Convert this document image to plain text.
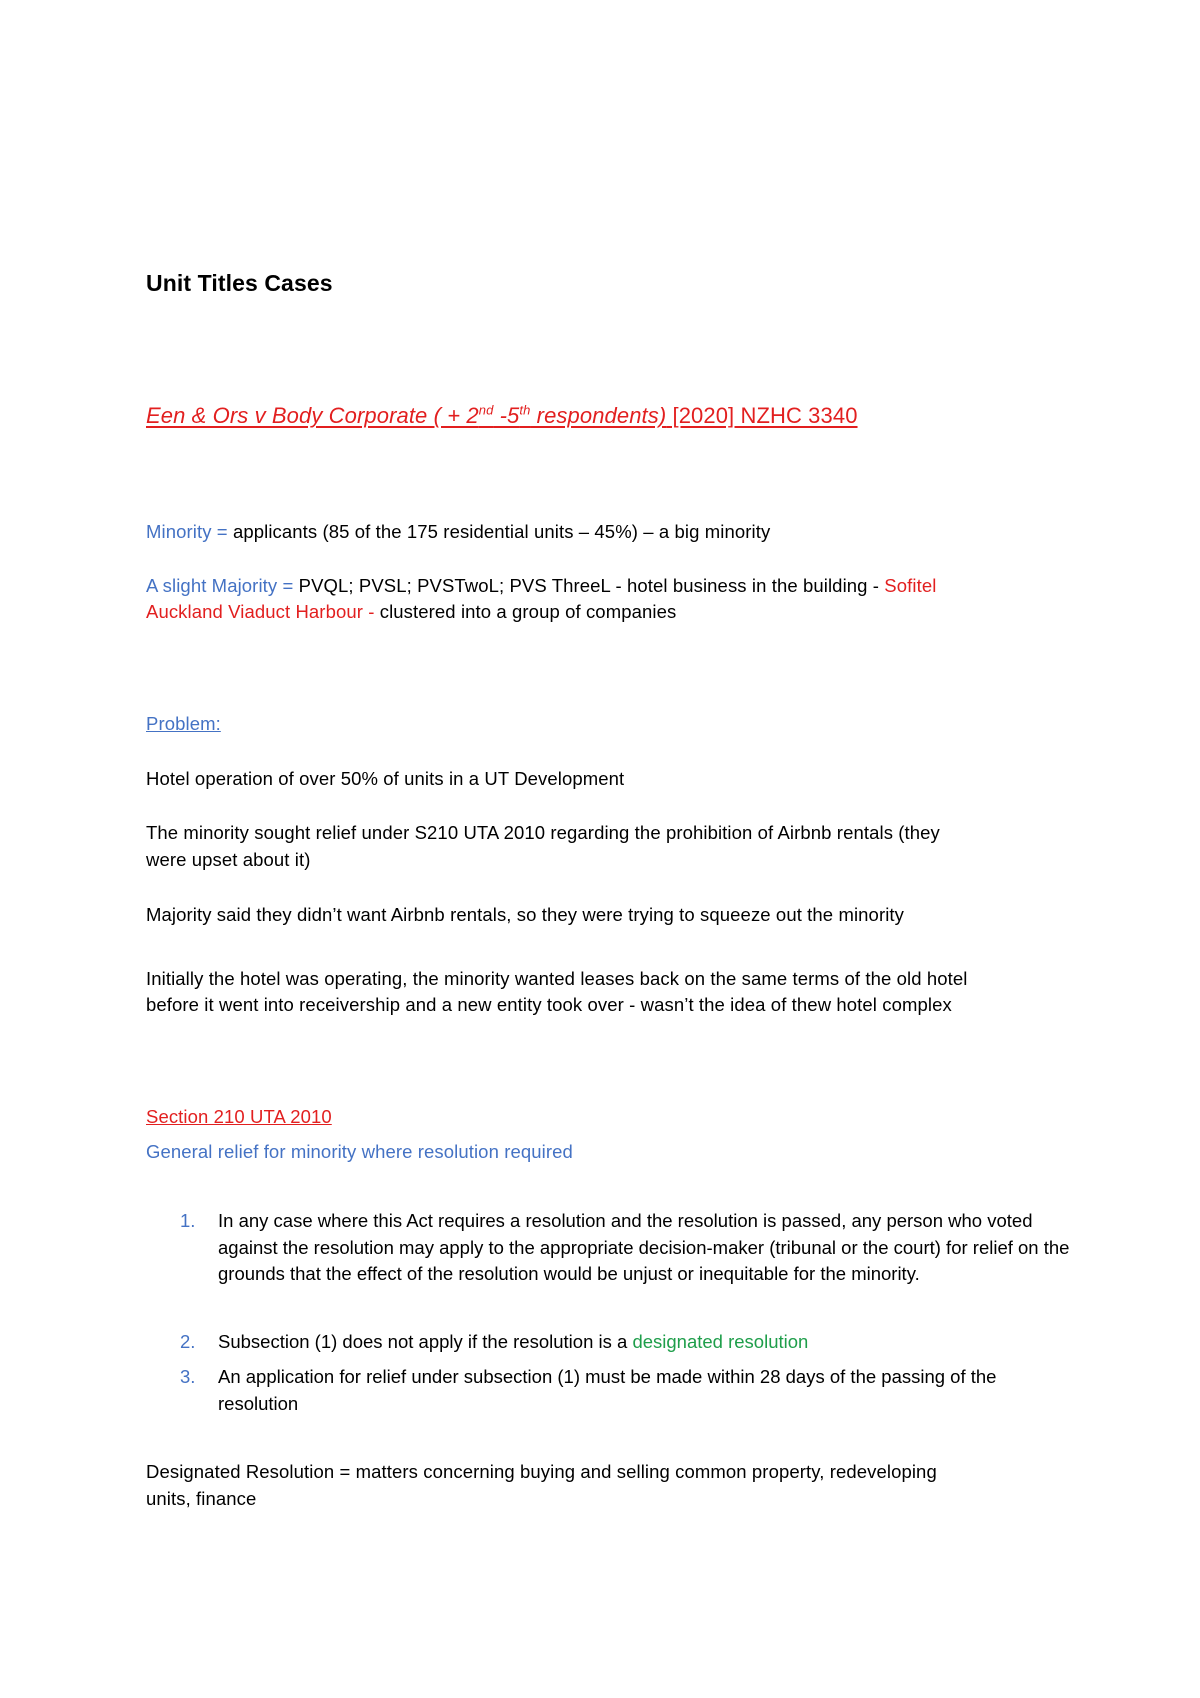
Unit Titles Cases
Een & Ors v Body Corporate ( + 2nd -5th respondents) [2020] NZHC 3340
Minority = applicants (85 of the 175 residential units – 45%) – a big minority
A slight Majority = PVQL; PVSL; PVSTwoL; PVS ThreeL - hotel business in the building - Sofitel
Auckland Viaduct Harbour - clustered into a group of companies
Problem:
Hotel operation of over 50% of units in a UT Development
The minority sought relief under S210 UTA 2010 regarding the prohibition of Airbnb rentals (they
were upset about it)
Majority said they didn’t want Airbnb rentals, so they were trying to squeeze out the minority
Initially the hotel was operating, the minority wanted leases back on the same terms of the old hotel
before it went into receivership and a new entity took over - wasn’t the idea of thew hotel complex
Section 210 UTA 2010
General relief for minority where resolution required
1. In any case where this Act requires a resolution and the resolution is passed, any person who voted against the resolution may apply to the appropriate decision-maker (tribunal or the court) for relief on the grounds that the effect of the resolution would be unjust or inequitable for the minority.
2. Subsection (1) does not apply if the resolution is a designated resolution
3. An application for relief under subsection (1) must be made within 28 days of the passing of the resolution
Designated Resolution = matters concerning buying and selling common property, redeveloping
units, finance
